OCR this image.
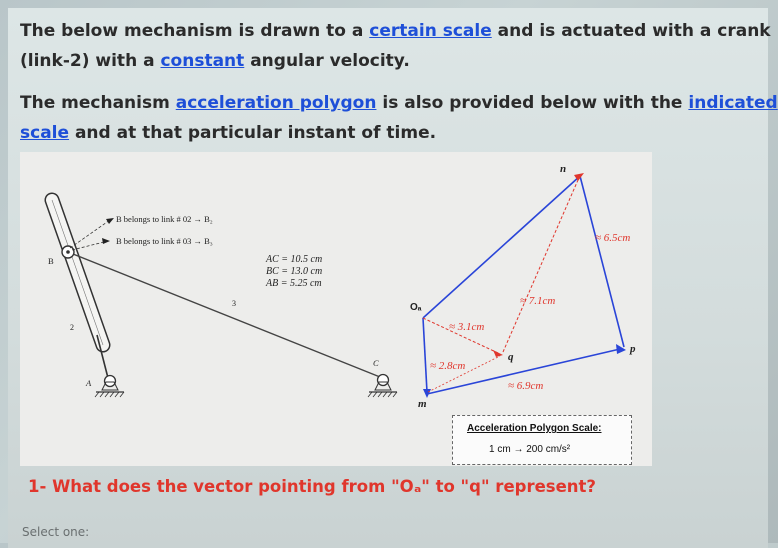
The below mechanism is drawn to a certain scale and is actuated with a crank
(link-2) with a constant angular velocity.
The mechanism acceleration polygon is also provided below with the indicated
scale and at that particular instant of time.
B belongs to link # 02 → B₂
B belongs to link # 03 → B₃
B
A
C
2
3
AC = 10.5 cm
BC = 13.0 cm
AB = 5.25 cm
Oₐ
n
p
q
m
≈ 6.5cm
≈ 7.1cm
≈ 3.1cm
≈ 2.8cm
≈ 6.9cm
Acceleration Polygon Scale:
1 cm → 200 cm/s²
1- What does the vector pointing from "Oₐ" to "q" represent?
Select one:
